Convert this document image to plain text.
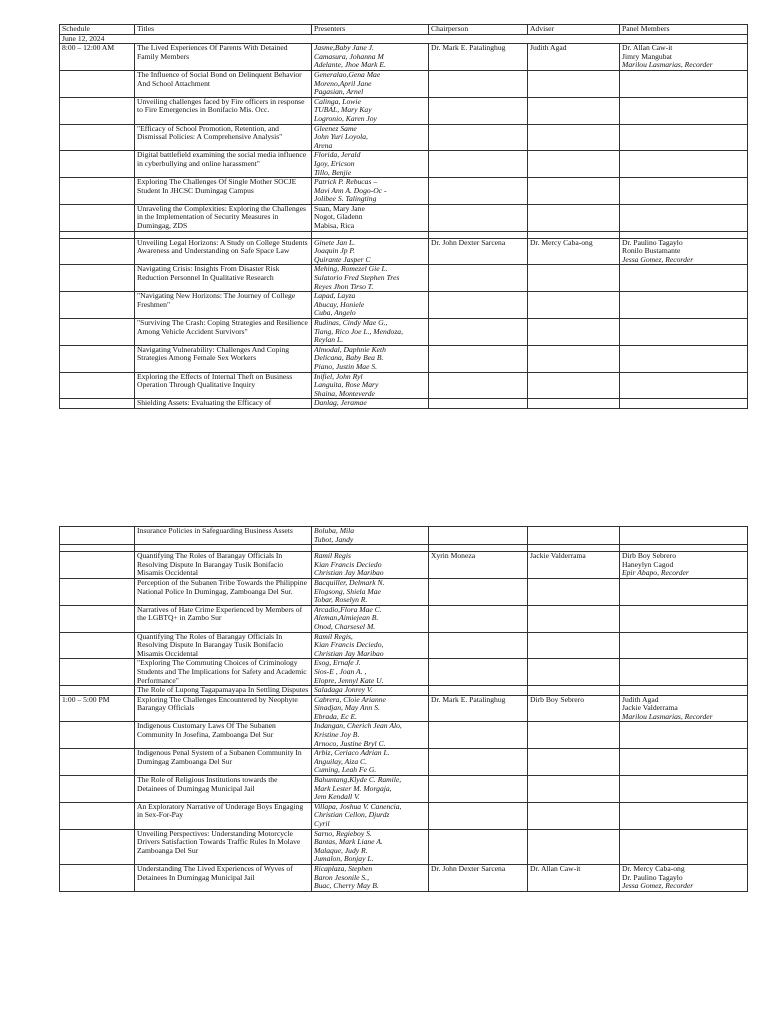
Schedule	Titles	Presenters	Chairperson	Adviser	Panel Members
June 12, 2024					
8:00 – 12:00 AM	The Lived Experiences Of Parents With Detained Family Members	Jasme,Baby Jane J.
Camasura, Johanna M
Adelante, Jhoe Mark E.	Dr. Mark E. Patalinghug	Judith Agad	Dr. Allan Caw-it
Jimry Mangubat
Marilou Lasmarias, Recorder

	The Influence of Social Bond on Delinquent Behavior And School Attachment	Generalao,Gena Mae
Moreno,April Jane
Pagasian, Arnel			

	Unveiling challenges faced by Fire officers in response to Fire Emergencies in Bonifacio Mis. Occ.	Calinga, Lowie
TUBAL, Mary Kay
Logronio, Karen Joy			

	"Efficacy of School Promotion, Retention, and Dismissal Policies: A Comprehensive Analysis"	Gleenez Same
John Yuri Loyola,
Arena			

	Digital battlefield examining the social media influence in cyberbullying and online harassment"	Florida, Jerald
Igoy, Ericson
Tillo, Benjie			

	Exploring The Challenges Of Single Mother SOCJE Student In JHCSC Dumingag Campus	Patrick P. Rebucas –
Mavi Ann A. Dogo-Oc -
Jolibee S. Talingting			

	Unraveling the Complexities: Exploring the Challenges in the Implementation of Security Measures in Dumingag, ZDS	Suan, Mary Jane
Nogot, Gladenn
Mabisa, Rica			

	Unveiling Legal Horizons: A Study on College Students Awareness and Understanding on Safe Space Law	Ginete Jan L.
Joaquin Jp P.
Quirante Jasper C	Dr. John Dexter Sarcena	Dr. Mercy Caba-ong	Dr. Paulino Tagaylo
Ronilo Bustamante
Jessa Gomez, Recorder

	Navigating Crisis: Insights From Disaster Risk Reduction Personnel In Qualitative Research	Mehing, Romezel Gie L.
Sulatorio Fred Stephen Tres
Reyes Jhon Tirso T.			

	"Navigating New Horizons: The Journey of College Freshmen"	Lapad, Layza
Abucay, Honiele
Cuba, Angelo			

	"Surviving The Crash: Coping Strategies and Resilience Among Vehicle Accident Survivors"	Rudinas, Cindy Mae G.,
Tiang, Rico Joe L., Mendoza,
Reylan L.			

	Navigating Vulnerability: Challenges And Coping Strategies Among Female Sex Workers	Almodal, Daphnie Keth
Delicana, Baby Bea B.
Piano, Justin Mae S.			

	Exploring the Effects of Internal Theft on Business Operation Through Qualitative Inquiry	Inifiel, John Ryl
Languita, Rose Mary
Shaina, Monteverde			

	Shielding Assets: Evaluating the Efficacy of	Danlag, Jeramae			

	Insurance Policies in Safeguarding Business Assets	Boluba, Mila
Tubot, Jandy			

	Quantifying The Roles of Barangay Officials In Resolving Dispute In Barangay Tusik Bonifacio Misamis Occidental	Ramil Regis
Kian Francis Deciedo
Christian Jay Maribao	Xyrin Moneza	Jackie Valderrama	Dirb Boy Sebrero
Haneylyn Cagod
Epir Abapo, Recorder

	Perception of the Subanen Tribe Towards the Philippine National Police In Dumingag, Zamboanga Del Sur.	Bacquiller, Delmark N.
Elogsong, Shiela Mae
Tobar, Roselyn R.			

	Narratives of Hate Crime Experienced by Members of the LGBTQ+ in Zambo Sur	Arcadio,Flora Mae C.
Aleman,Aimiejean B.
Onod, Charsesel M.			

	Quantifying The Roles of Barangay Officials In Resolving Dispute In Barangay Tusik Bonifacio Misamis Occidental	Ramil Regis,
Kian Francis Deciedo,
Christian Jay Maribao			

	"Exploring The Commuting Choices of Criminology Students and The Implications for Safety and Academic Performance"	Esog, Ernafe J.
Sios-E , Joan A. ,
Elopre, Jennyl Kate U.			

	The Role of Lupong Tagapamayapa In Settling Disputes	Saladaga Jonrey V.			

1:00 – 5:00 PM	Exploring The Challenges Encountered by Neophyte Barangay Officials	Cabrera, Cloie Arianne
Sinadjan, May Ann S.
Ebrada, Ec E.	Dr. Mark E. Patalinghug	Dirb Boy Sebrero	Judith Agad
Jackie Valderrama
Marilou Lasmarias, Recorder

	Indigenous Customary Laws Of The Subanen Community In Josefina, Zamboanga Del Sur	Indangan, Cherich Jean Alo,
Kristine Joy B.
Arnoco, Justine Bryl C.			

	Indigenous Penal System of a Subanen Community In Dumingag Zamboanga Del Sur	Arbiz, Ceriaco Adrian L.
Anguilay, Aiza C.
Cuming, Leah Fe G.			

	The Role of Religious Institutions towards the Detainees of Dumingag Municipal Jail	Bahuntang,Klyde C. Ramile,
Mark Lester M. Morgaja,
Jem Kendall V.			

	An Exploratory Narrative of Underage Boys Engaging in Sex-For-Pay	Villapa, Joshua V. Canencia,
Christian Cellon, Djurdz
Cyril			

	Unveiling Perspectives: Understanding Motorcycle Drivers Satisfaction Towards Traffic Rules In Molave Zamboanga Del Sur	Sarno, Regieboy S.
Bantas, Mark Liane A.
Malaque, Judy R.
Jumalon, Bonjay L.			

	Understanding The Lived Experiences of Wyves of Detainees In Dumingag Municipal Jail	Ricaplaza, Stephen
Baron Jesonile S.,
Buac, Cherry May B.	Dr. John Dexter Sarcena	Dr. Allan Caw-it	Dr. Mercy Caba-ong
Dr. Paulino Tagaylo
Jessa Gomez, Recorder
